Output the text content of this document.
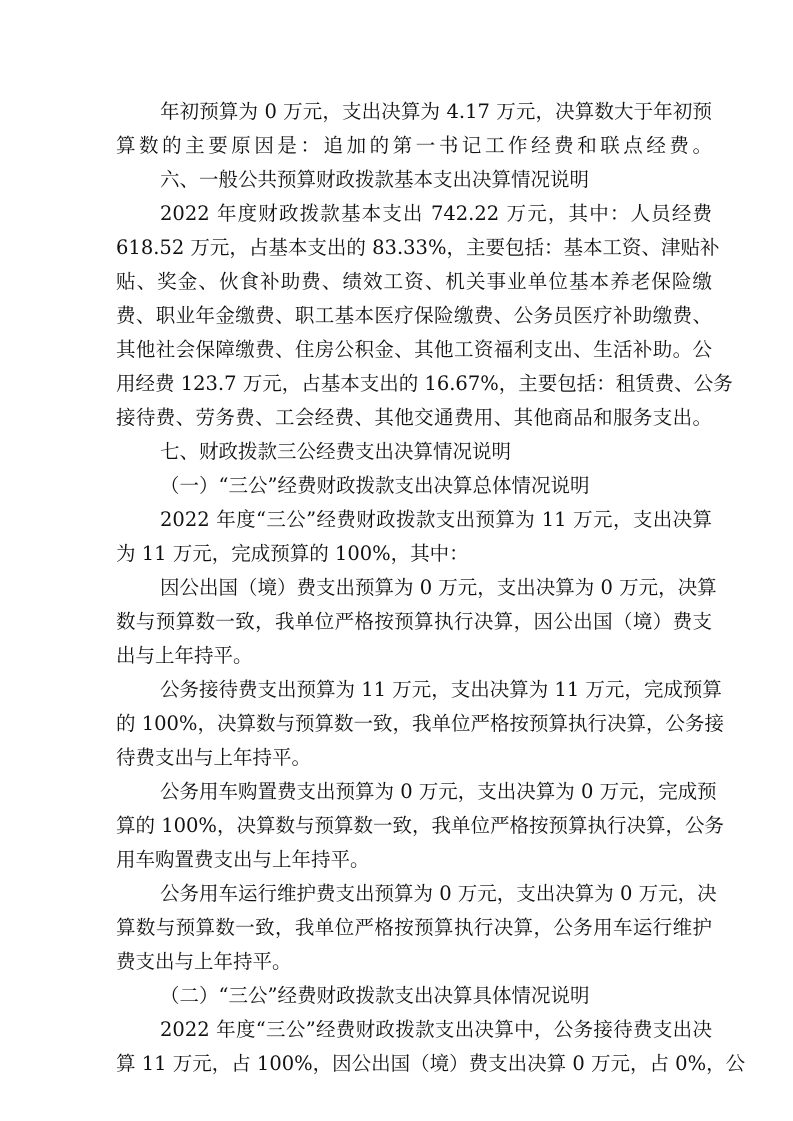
年初预算为 0 万元，支出决算为 4.17 万元，决算数大于年初预
算数的主要原因是：追加的第一书记工作经费和联点经费。
六、一般公共预算财政拨款基本支出决算情况说明
2022 年度财政拨款基本支出 742.22 万元，其中：人员经费
618.52 万元，占基本支出的 83.33%，主要包括：基本工资、津贴补
贴、奖金、伙食补助费、绩效工资、机关事业单位基本养老保险缴
费、职业年金缴费、职工基本医疗保险缴费、公务员医疗补助缴费、
其他社会保障缴费、住房公积金、其他工资福利支出、生活补助。公
用经费 123.7 万元，占基本支出的 16.67%，主要包括：租赁费、公务
接待费、劳务费、工会经费、其他交通费用、其他商品和服务支出。
七、财政拨款三公经费支出决算情况说明
（一）“三公”经费财政拨款支出决算总体情况说明
2022 年度“三公”经费财政拨款支出预算为 11 万元，支出决算
为 11 万元，完成预算的 100%，其中：
因公出国（境）费支出预算为 0 万元，支出决算为 0 万元，决算
数与预算数一致，我单位严格按预算执行决算，因公出国（境）费支
出与上年持平。
公务接待费支出预算为 11 万元，支出决算为 11 万元，完成预算
的 100%，决算数与预算数一致，我单位严格按预算执行决算，公务接
待费支出与上年持平。
公务用车购置费支出预算为 0 万元，支出决算为 0 万元，完成预
算的 100%，决算数与预算数一致，我单位严格按预算执行决算，公务
用车购置费支出与上年持平。
公务用车运行维护费支出预算为 0 万元，支出决算为 0 万元，决
算数与预算数一致，我单位严格按预算执行决算，公务用车运行维护
费支出与上年持平。
（二）“三公”经费财政拨款支出决算具体情况说明
2022 年度“三公”经费财政拨款支出决算中，公务接待费支出决
算 11 万元，占 100%，因公出国（境）费支出决算 0 万元，占 0%，公
